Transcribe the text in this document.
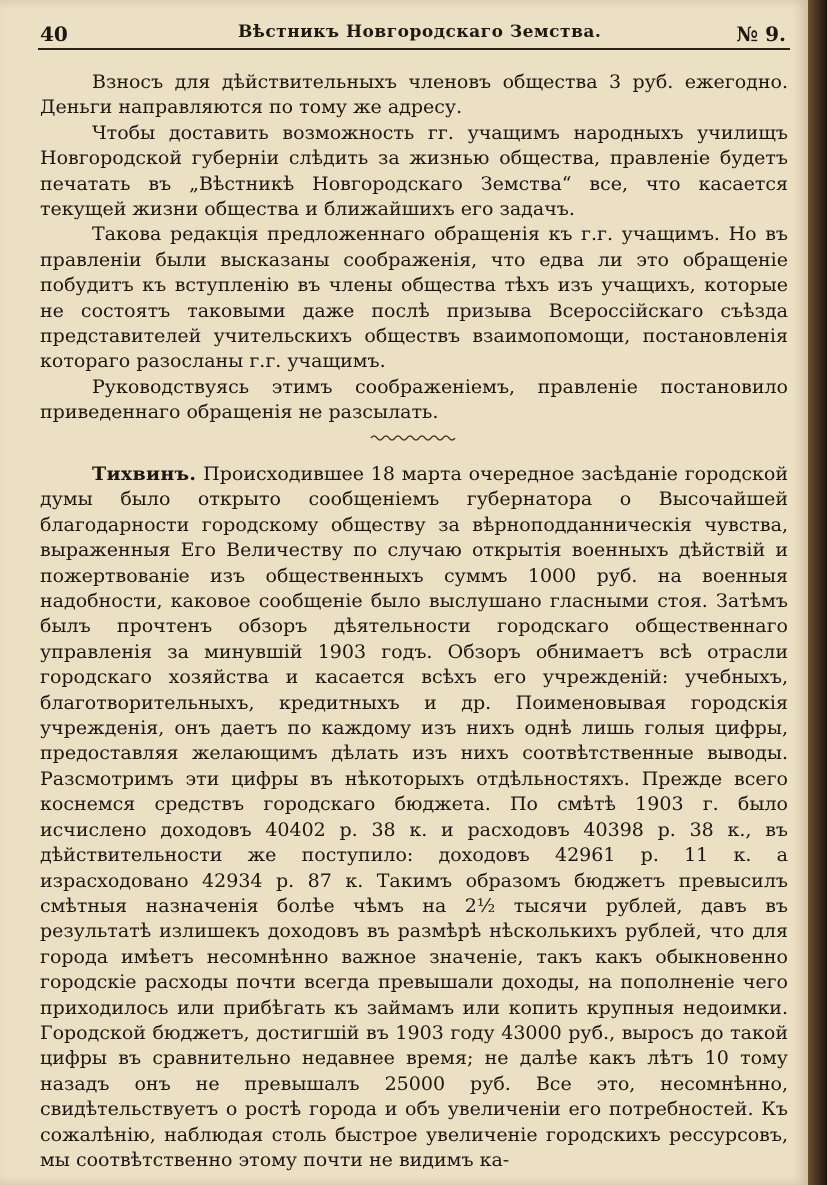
40	Вѣстникъ Новгородскаго Земства.	№ 9.

Взносъ для дѣйствительныхъ членовъ общества 3 руб. ежегодно. Деньги направляются по тому же адресу.

Чтобы доставить возможность гг. учащимъ народныхъ училищъ Новгородской губерніи слѣдить за жизнью общества, правленіе будетъ печатать въ „Вѣстникѣ Новгородскаго Земства“ все, что касается текущей жизни общества и ближайшихъ его задачъ.

Такова редакція предложеннаго обращенія къ г.г. учащимъ. Но въ правленіи были высказаны соображенія, что едва ли это обращеніе побудитъ къ вступленію въ члены общества тѣхъ изъ учащихъ, которые не состоятъ таковыми даже послѣ призыва Всероссійскаго съѣзда представителей учительскихъ обществъ взаимопомощи, постановленія котораго разосланы г.г. учащимъ.

Руководствуясь этимъ соображеніемъ, правленіе постановило приведеннаго обращенія не разсылать.

Тихвинъ. Происходившее 18 марта очередное засѣданіе городской думы было открыто сообщеніемъ губернатора о Высочайшей благодарности городскому обществу за вѣрноподданническія чувства, выраженныя Его Величеству по случаю открытія военныхъ дѣйствій и пожертвованіе изъ общественныхъ суммъ 1000 руб. на военныя надобности, каковое сообщеніе было выслушано гласными стоя. Затѣмъ былъ прочтенъ обзоръ дѣятельности городскаго общественнаго управленія за минувшій 1903 годъ. Обзоръ обнимаетъ всѣ отрасли городскаго хозяйства и касается всѣхъ его учрежденій: учебныхъ, благотворительныхъ, кредитныхъ и др. Поименовывая городскія учрежденія, онъ даетъ по каждому изъ нихъ однѣ лишь голыя цифры, предоставляя желающимъ дѣлать изъ нихъ соотвѣтственные выводы. Разсмотримъ эти цифры въ нѣкоторыхъ отдѣльностяхъ. Прежде всего коснемся средствъ городскаго бюджета. По смѣтѣ 1903 г. было исчислено доходовъ 40402 р. 38 к. и расходовъ 40398 р. 38 к., въ дѣйствительности же поступило: доходовъ 42961 р. 11 к. а израсходовано 42934 р. 87 к. Такимъ образомъ бюджетъ превысилъ смѣтныя назначенія болѣе чѣмъ на 2½ тысячи рублей, давъ въ результатѣ излишекъ доходовъ въ размѣрѣ нѣсколькихъ рублей, что для города имѣетъ несомнѣнно важное значеніе, такъ какъ обыкновенно городскіе расходы почти всегда превышали доходы, на пополненіе чего приходилось или прибѣгать къ займамъ или копить крупныя недоимки. Городской бюджетъ, достигшій въ 1903 году 43000 руб., выросъ до такой цифры въ сравнительно недавнее время; не далѣе какъ лѣтъ 10 тому назадъ онъ не превышалъ 25000 руб. Все это, несомнѣнно, свидѣтельствуетъ о ростѣ города и объ увеличеніи его потребностей. Къ сожалѣнію, наблюдая столь быстрое увеличеніе городскихъ рессурсовъ, мы соотвѣтственно этому почти не видимъ ка-
